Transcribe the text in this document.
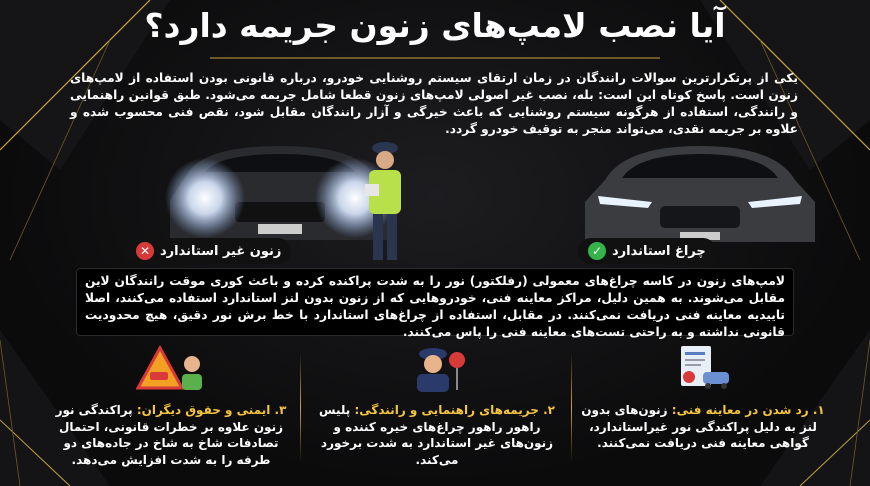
آیا نصب لامپ‌های زنون جریمه دارد؟
یکی از پرتکرارترین سوالات رانندگان در زمان ارتقای سیستم روشنایی خودرو، درباره قانونی بودن استفاده از لامپ‌های زنون است. پاسخ کوتاه این است: بله، نصب غیر اصولی لامپ‌های زنون قطعا شامل جریمه می‌شود. طبق قوانین راهنمایی و رانندگی، استفاده از هرگونه سیستم روشنایی که باعث خیرگی و آزار رانندگان مقابل شود، نقص فنی محسوب شده و علاوه بر جریمه نقدی، می‌تواند منجر به توقیف خودرو گردد.
زنون غیر استاندارد
✕	چراغ استاندارد
✓
لامپ‌های زنون در کاسه چراغ‌های معمولی (رفلکتور) نور را به شدت پراکنده کرده و باعث کوری موقت رانندگان لاین مقابل می‌شوند. به همین دلیل، مراکز معاینه فنی، خودروهایی که از زنون بدون لنز استاندارد استفاده می‌کنند، اصلا تاییدیه معاینه فنی دریافت نمی‌کنند. در مقابل، استفاده از چراغ‌های استاندارد با خط برش نور دقیق، هیچ محدودیت قانونی نداشته و به راحتی تست‌های معاینه فنی را پاس می‌کنند.
۱. رد شدن در معاینه فنی: زنون‌های بدون لنز به دلیل پراکندگی نور غیراستاندارد، گواهی معاینه فنی دریافت نمی‌کنند.
۲. جریمه‌های راهنمایی و رانندگی: پلیس راهور راهور چراغ‌های خیره کننده و زنون‌های غیر استاندارد به شدت برخورد می‌کند.
۳. ایمنی و حقوق دیگران: پراکندگی نور زنون علاوه بر خطرات قانونی، احتمال تصادفات شاخ به شاخ در جاده‌های دو طرفه را به شدت افزایش می‌دهد.
